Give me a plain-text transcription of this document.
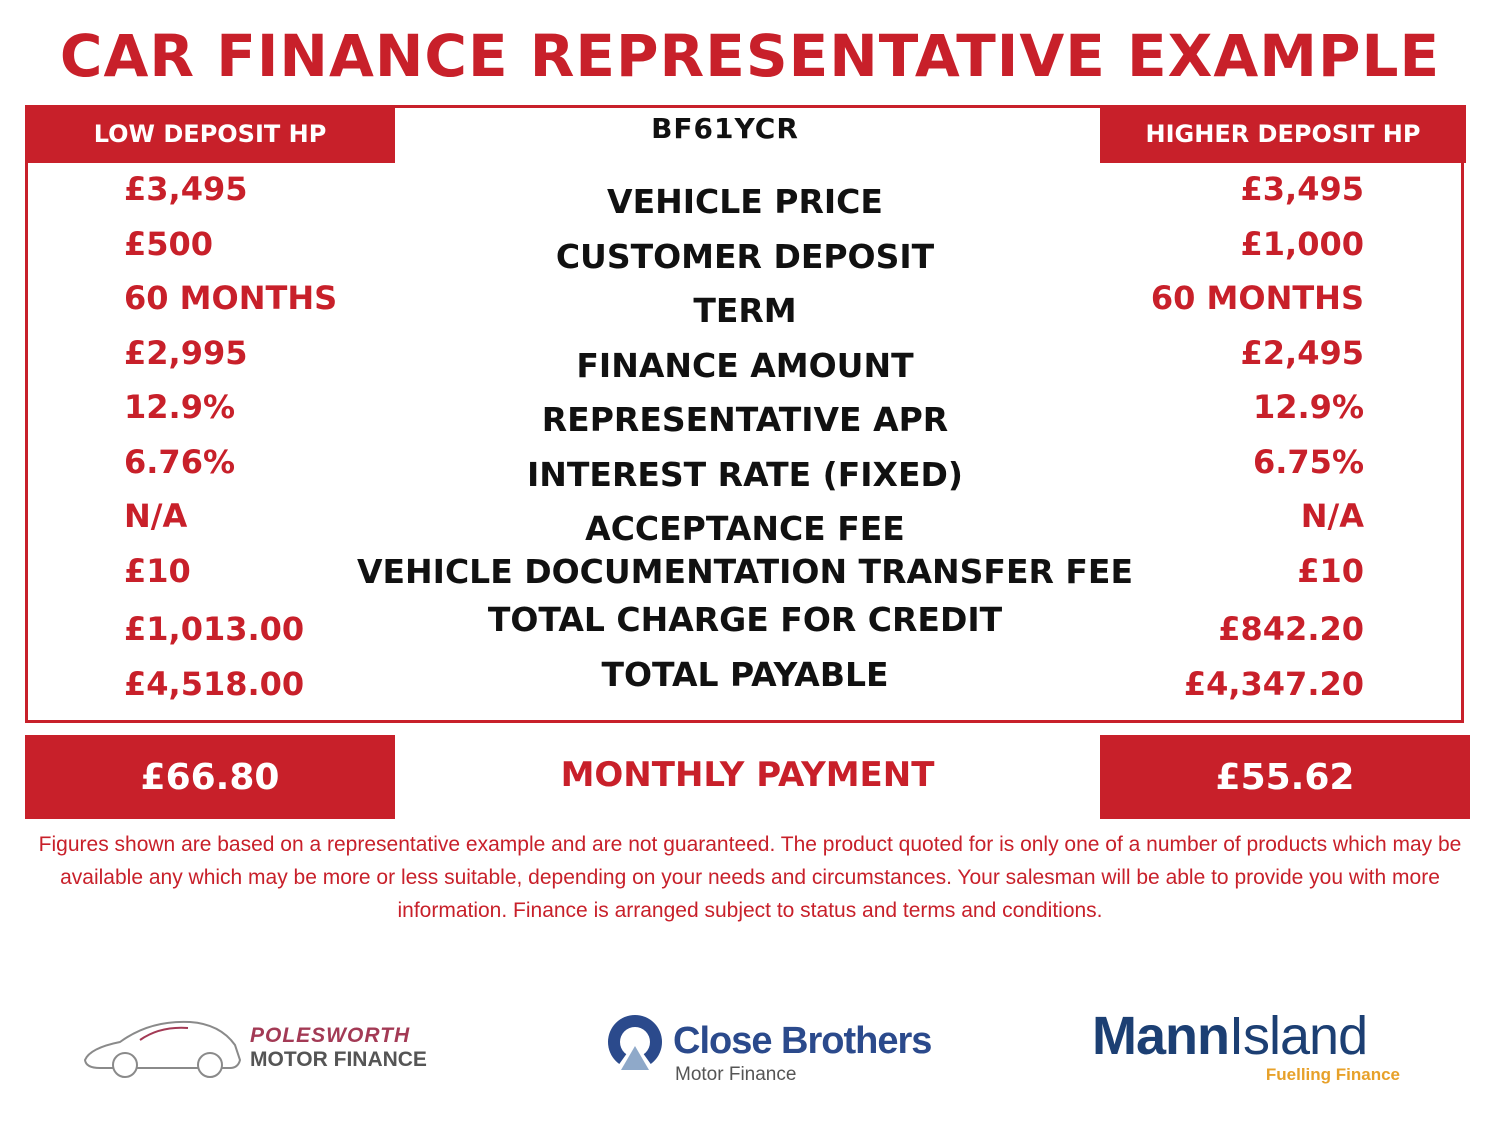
CAR FINANCE REPRESENTATIVE EXAMPLE
LOW DEPOSIT HP	BF61YCR	HIGHER DEPOSIT HP
£3,495	VEHICLE PRICE	£3,495
£500	CUSTOMER DEPOSIT	£1,000
60 MONTHS	TERM	60 MONTHS
£2,995	FINANCE AMOUNT	£2,495
12.9%	REPRESENTATIVE APR	12.9%
6.76%	INTEREST RATE (FIXED)	6.75%
N/A	ACCEPTANCE FEE	N/A
£10	VEHICLE DOCUMENTATION TRANSFER FEE	£10
£1,013.00	TOTAL CHARGE FOR CREDIT	£842.20
£4,518.00	TOTAL PAYABLE	£4,347.20
£66.80	MONTHLY PAYMENT	£55.62
Figures shown are based on a representative example and are not guaranteed. The product quoted for is only one of a number of products which may be available any which may be more or less suitable, depending on your needs and circumstances. Your salesman will be able to provide you with more information. Finance is arranged subject to status and terms and conditions.
POLESWORTH
MOTOR FINANCE	Close Brothers
Motor Finance
MannIsland
Fuelling Finance
